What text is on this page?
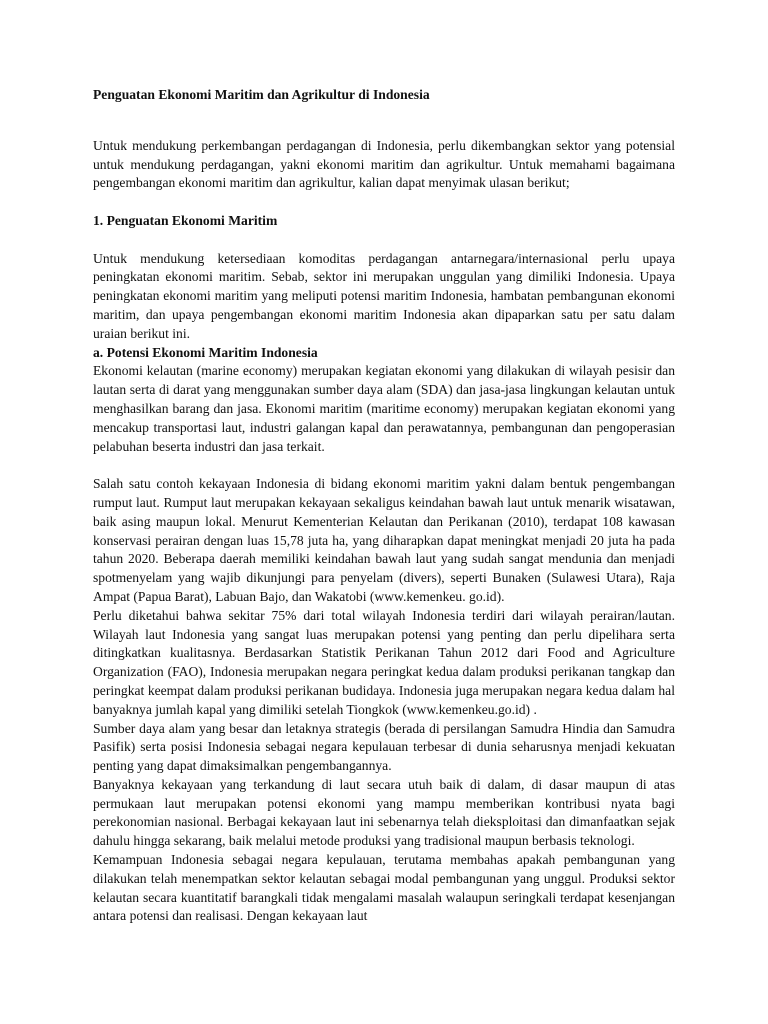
Penguatan Ekonomi Maritim dan Agrikultur di Indonesia

Untuk mendukung perkembangan perdagangan di Indonesia, perlu dikembangkan sektor yang potensial untuk mendukung perdagangan, yakni ekonomi maritim dan agrikultur. Untuk memahami bagaimana pengembangan ekonomi maritim dan agrikultur, kalian dapat menyimak ulasan berikut;

1. Penguatan Ekonomi Maritim

Untuk mendukung ketersediaan komoditas perdagangan antarnegara/internasional perlu upaya peningkatan ekonomi maritim. Sebab, sektor ini merupakan unggulan yang dimiliki Indonesia. Upaya peningkatan ekonomi maritim yang meliputi potensi maritim Indonesia, hambatan pembangunan ekonomi maritim, dan upaya pengembangan ekonomi maritim Indonesia akan dipaparkan satu per satu dalam uraian berikut ini.

a. Potensi Ekonomi Maritim Indonesia

Ekonomi kelautan (marine economy) merupakan kegiatan ekonomi yang dilakukan di wilayah pesisir dan lautan serta di darat yang menggunakan sumber daya alam (SDA) dan jasa-jasa lingkungan kelautan untuk menghasilkan barang dan jasa. Ekonomi maritim (maritime economy) merupakan kegiatan ekonomi yang mencakup transportasi laut, industri galangan kapal dan perawatannya, pembangunan dan pengoperasian pelabuhan beserta industri dan jasa terkait.

Salah satu contoh kekayaan Indonesia di bidang ekonomi maritim yakni dalam bentuk pengembangan rumput laut. Rumput laut merupakan kekayaan sekaligus keindahan bawah laut untuk menarik wisatawan, baik asing maupun lokal. Menurut Kementerian Kelautan dan Perikanan (2010), terdapat 108 kawasan konservasi perairan dengan luas 15,78 juta ha, yang diharapkan dapat meningkat menjadi 20 juta ha pada tahun 2020. Beberapa daerah memiliki keindahan bawah laut yang sudah sangat mendunia dan menjadi spotmenyelam yang wajib dikunjungi para penyelam (divers), seperti Bunaken (Sulawesi Utara), Raja Ampat (Papua Barat), Labuan Bajo, dan Wakatobi (www.kemenkeu. go.id).

Perlu diketahui bahwa sekitar 75% dari total wilayah Indonesia terdiri dari wilayah perairan/lautan. Wilayah laut Indonesia yang sangat luas merupakan potensi yang penting dan perlu dipelihara serta ditingkatkan kualitasnya. Berdasarkan Statistik Perikanan Tahun 2012 dari Food and Agriculture Organization (FAO), Indonesia merupakan negara peringkat kedua dalam produksi perikanan tangkap dan peringkat keempat dalam produksi perikanan budidaya. Indonesia juga merupakan negara kedua dalam hal banyaknya jumlah kapal yang dimiliki setelah Tiongkok (www.kemenkeu.go.id) .

Sumber daya alam yang besar dan letaknya strategis (berada di persilangan Samudra Hindia dan Samudra Pasifik) serta posisi Indonesia sebagai negara kepulauan terbesar di dunia seharusnya menjadi kekuatan penting yang dapat dimaksimalkan pengembangannya.

Banyaknya kekayaan yang terkandung di laut secara utuh baik di dalam, di dasar maupun di atas permukaan laut merupakan potensi ekonomi yang mampu memberikan kontribusi nyata bagi perekonomian nasional. Berbagai kekayaan laut ini sebenarnya telah dieksploitasi dan dimanfaatkan sejak dahulu hingga sekarang, baik melalui metode produksi yang tradisional maupun berbasis teknologi.

Kemampuan Indonesia sebagai negara kepulauan, terutama membahas apakah pembangunan yang dilakukan telah menempatkan sektor kelautan sebagai modal pembangunan yang unggul. Produksi sektor kelautan secara kuantitatif barangkali tidak mengalami masalah walaupun seringkali terdapat kesenjangan antara potensi dan realisasi. Dengan kekayaan laut
